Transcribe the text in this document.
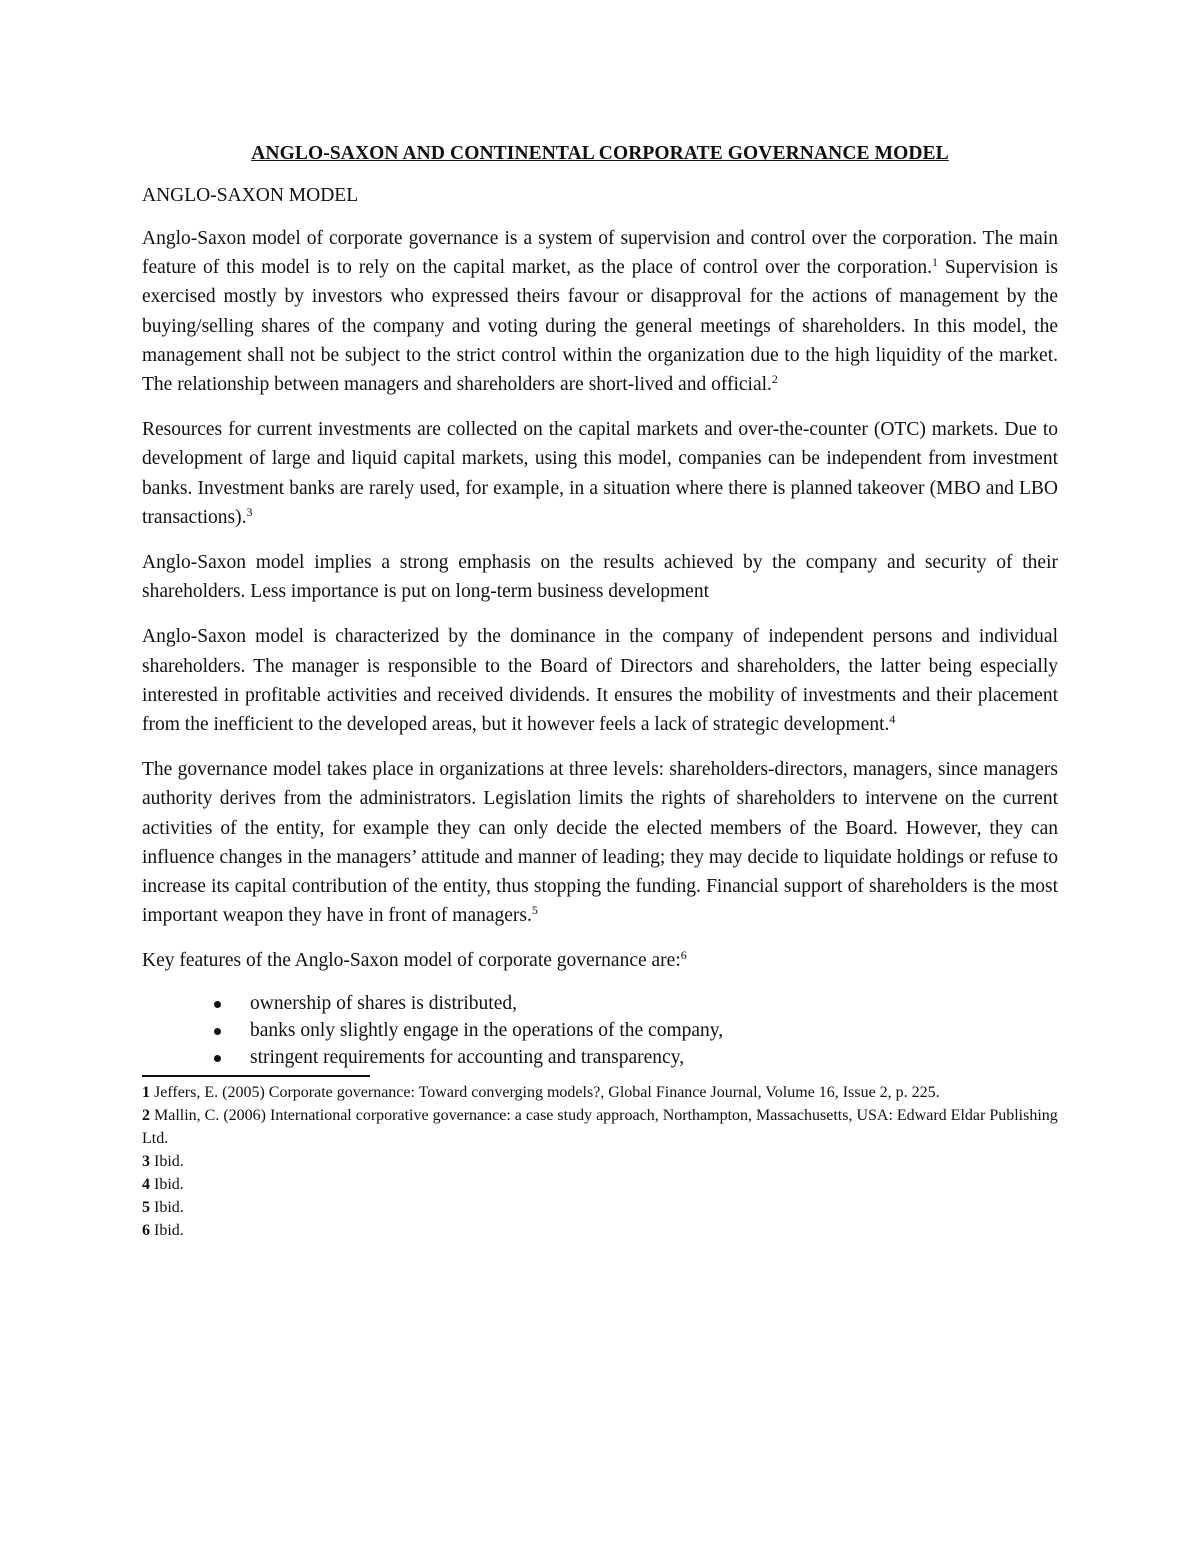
ANGLO-SAXON AND CONTINENTAL CORPORATE GOVERNANCE MODEL
ANGLO-SAXON MODEL

Anglo-Saxon model of corporate governance is a system of supervision and control over the corporation. The main feature of this model is to rely on the capital market, as the place of control over the corporation.$^1$ Supervision is exercised mostly by investors who expressed theirs favour or disapproval for the actions of management by the buying/selling shares of the company and voting during the general meetings of shareholders. In this model, the management shall not be subject to the strict control within the organization due to the high liquidity of the market. The relationship between managers and shareholders are short-lived and official.$^2$

Resources for current investments are collected on the capital markets and over-the-counter (OTC) markets. Due to development of large and liquid capital markets, using this model, companies can be independent from investment banks. Investment banks are rarely used, for example, in a situation where there is planned takeover (MBO and LBO transactions).$^3$

Anglo-Saxon model implies a strong emphasis on the results achieved by the company and security of their shareholders. Less importance is put on long-term business development

Anglo-Saxon model is characterized by the dominance in the company of independent persons and individual shareholders. The manager is responsible to the Board of Directors and shareholders, the latter being especially interested in profitable activities and received dividends. It ensures the mobility of investments and their placement from the inefficient to the developed areas, but it however feels a lack of strategic development.$^4$

The governance model takes place in organizations at three levels: shareholders-directors, managers, since managers authority derives from the administrators. Legislation limits the rights of shareholders to intervene on the current activities of the entity, for example they can only decide the elected members of the Board. However, they can influence changes in the managers’ attitude and manner of leading; they may decide to liquidate holdings or refuse to increase its capital contribution of the entity, thus stopping the funding. Financial support of shareholders is the most important weapon they have in front of managers.$^5$

Key features of the Anglo-Saxon model of corporate governance are:$^6$

ownership of shares is distributed,
banks only slightly engage in the operations of the company,
stringent requirements for accounting and transparency,

1 Jeffers, E. (2005) Corporate governance: Toward converging models?, Global Finance Journal, Volume 16, Issue 2, p. 225.

2 Mallin, C. (2006) International corporative governance: a case study approach, Northampton, Massachusetts, USA: Edward Eldar Publishing Ltd.

3 Ibid.

4 Ibid.

5 Ibid.

6 Ibid.
